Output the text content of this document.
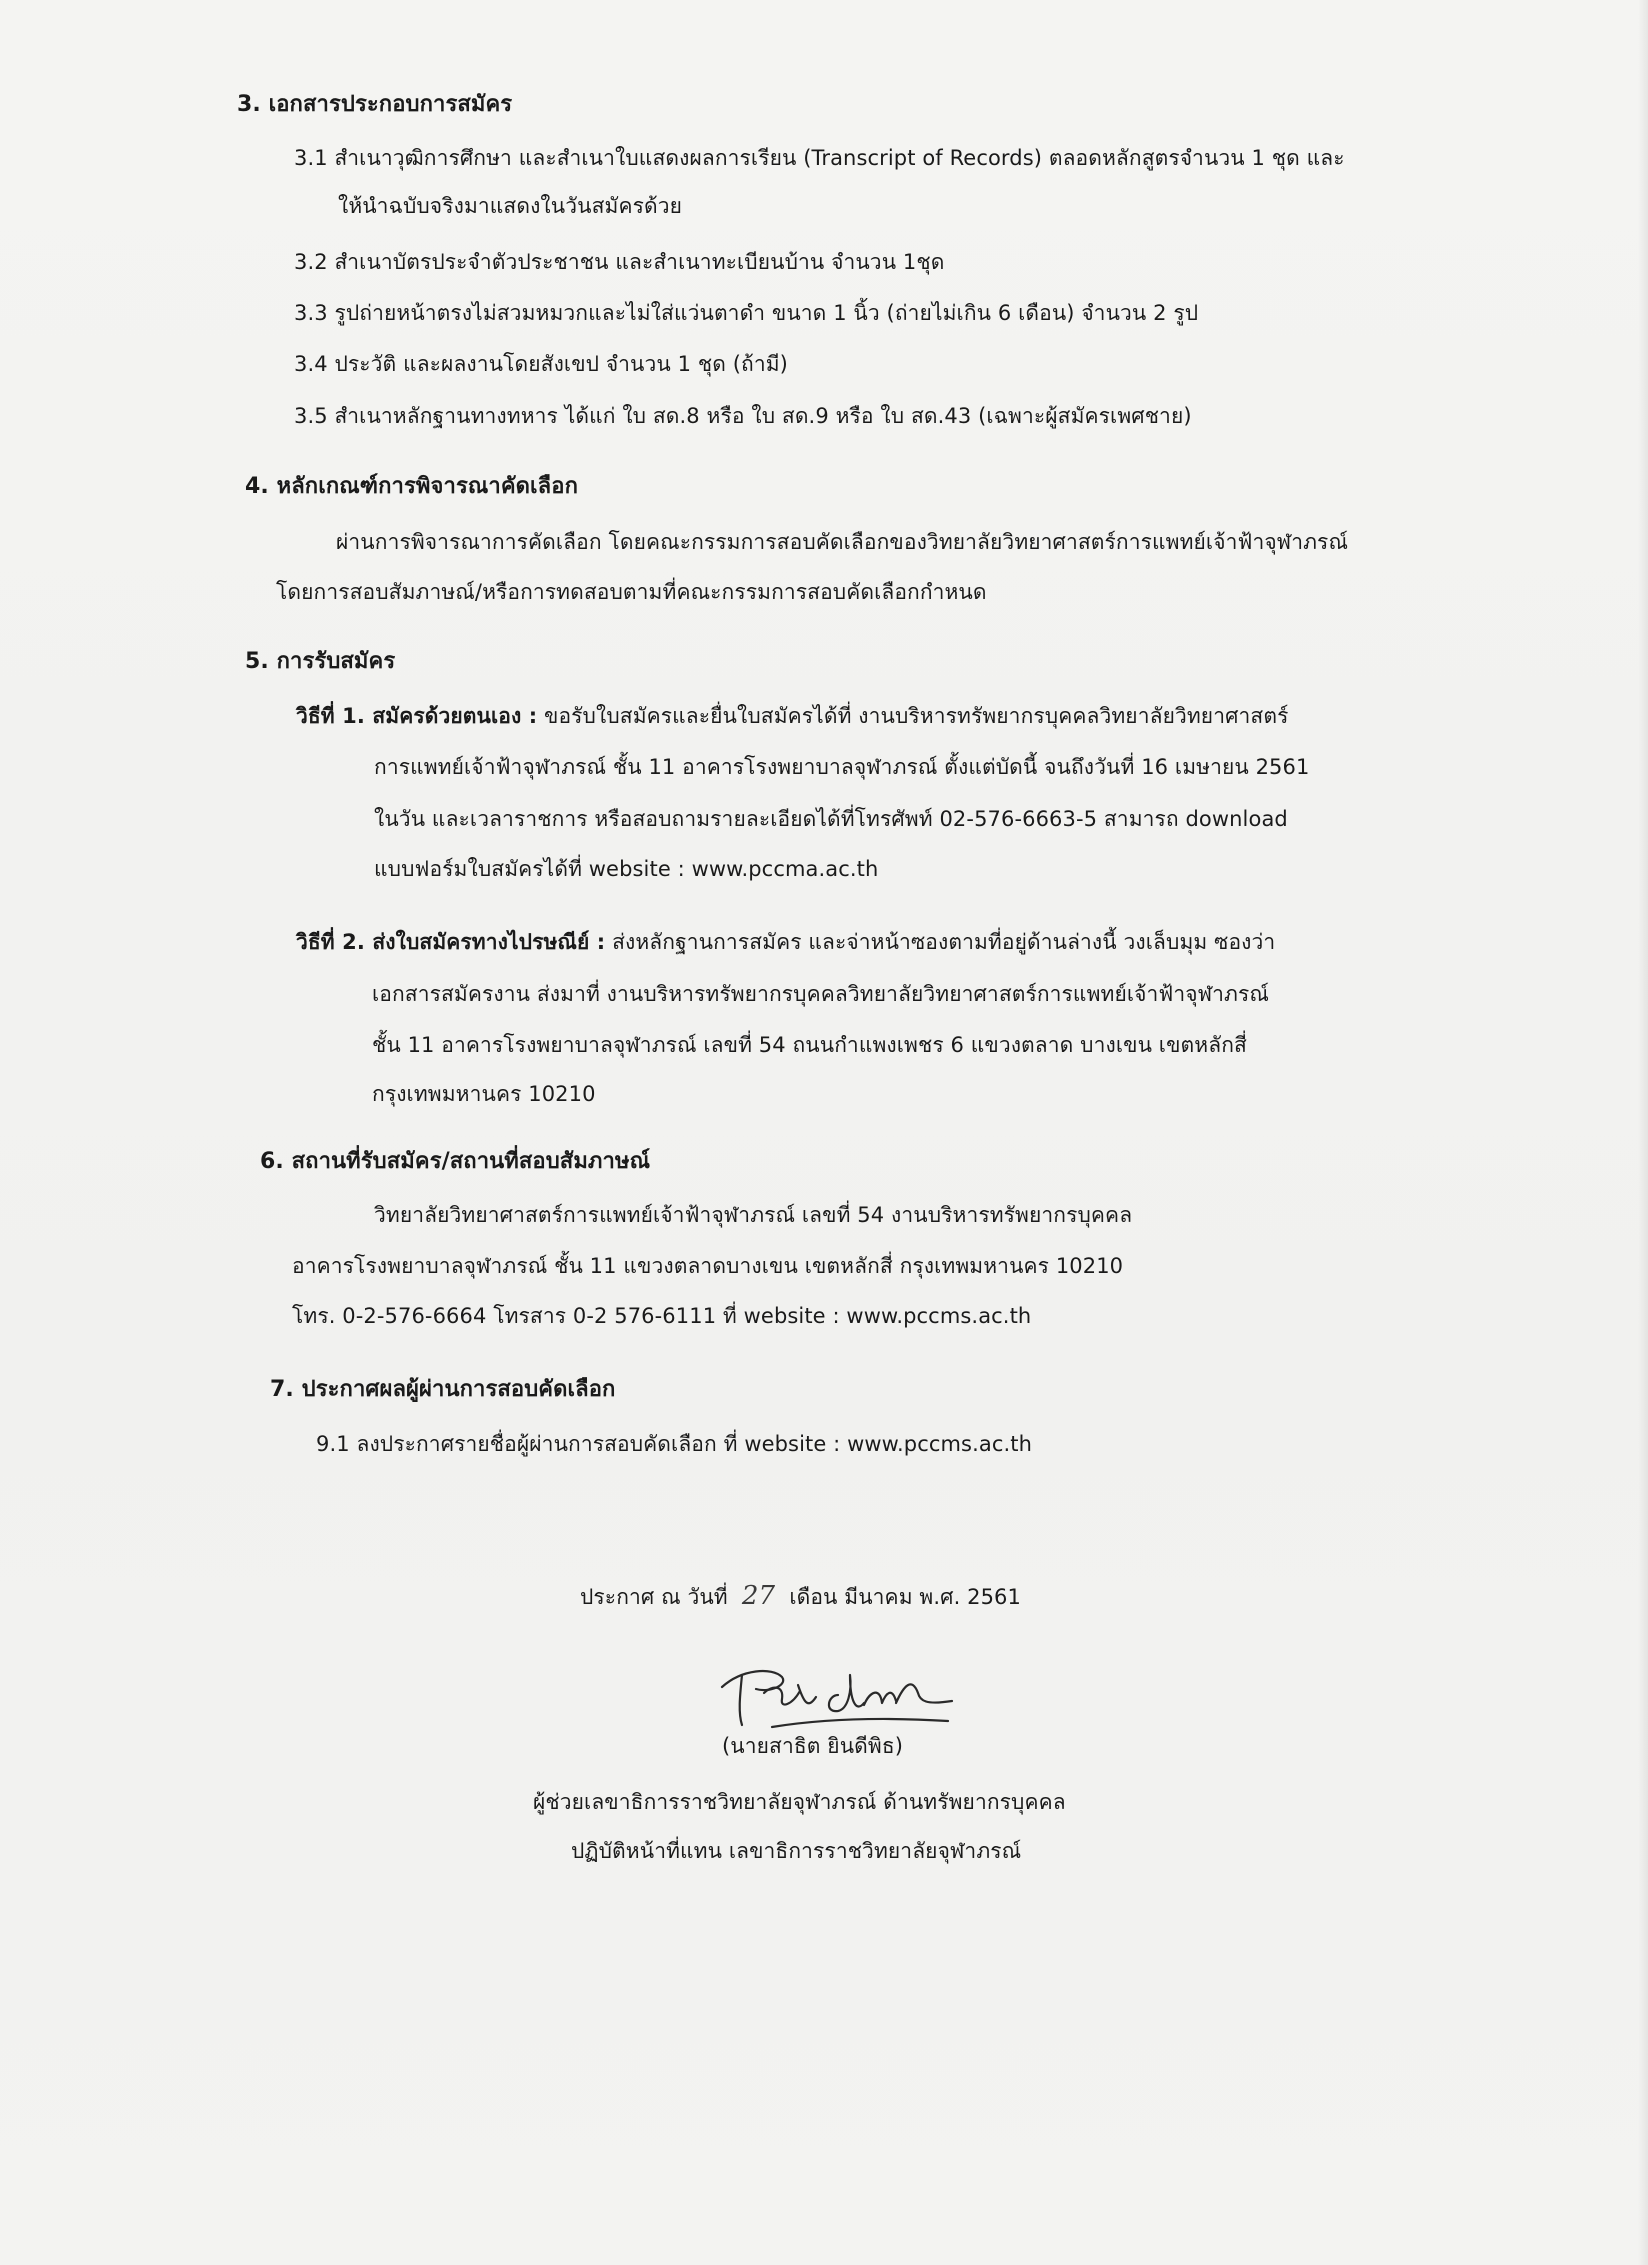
3. เอกสารประกอบการสมัคร
3.1 สำเนาวุฒิการศึกษา และสำเนาใบแสดงผลการเรียน (Transcript of Records) ตลอดหลักสูตรจำนวน 1 ชุด และ
ให้นำฉบับจริงมาแสดงในวันสมัครด้วย
3.2 สำเนาบัตรประจำตัวประชาชน และสำเนาทะเบียนบ้าน จำนวน 1ชุด
3.3 รูปถ่ายหน้าตรงไม่สวมหมวกและไม่ใส่แว่นตาดำ ขนาด 1 นิ้ว (ถ่ายไม่เกิน 6 เดือน) จำนวน 2 รูป
3.4 ประวัติ และผลงานโดยสังเขป จำนวน 1 ชุด (ถ้ามี)
3.5 สำเนาหลักฐานทางทหาร ได้แก่ ใบ สด.8 หรือ ใบ สด.9 หรือ ใบ สด.43 (เฉพาะผู้สมัครเพศชาย)
4. หลักเกณฑ์การพิจารณาคัดเลือก
ผ่านการพิจารณาการคัดเลือก โดยคณะกรรมการสอบคัดเลือกของวิทยาลัยวิทยาศาสตร์การแพทย์เจ้าฟ้าจุฬาภรณ์
โดยการสอบสัมภาษณ์/หรือการทดสอบตามที่คณะกรรมการสอบคัดเลือกกำหนด
5. การรับสมัคร
วิธีที่ 1. สมัครด้วยตนเอง : ขอรับใบสมัครและยื่นใบสมัครได้ที่ งานบริหารทรัพยากรบุคคลวิทยาลัยวิทยาศาสตร์
การแพทย์เจ้าฟ้าจุฬาภรณ์ ชั้น 11 อาคารโรงพยาบาลจุฬาภรณ์ ตั้งแต่บัดนี้ จนถึงวันที่ 16 เมษายน 2561
ในวัน และเวลาราชการ หรือสอบถามรายละเอียดได้ที่โทรศัพท์ 02-576-6663-5 สามารถ download
แบบฟอร์มใบสมัครได้ที่ website : www.pccma.ac.th
วิธีที่ 2. ส่งใบสมัครทางไปรษณีย์ : ส่งหลักฐานการสมัคร และจ่าหน้าซองตามที่อยู่ด้านล่างนี้ วงเล็บมุม ซองว่า
เอกสารสมัครงาน ส่งมาที่ งานบริหารทรัพยากรบุคคลวิทยาลัยวิทยาศาสตร์การแพทย์เจ้าฟ้าจุฬาภรณ์
ชั้น 11 อาคารโรงพยาบาลจุฬาภรณ์ เลขที่ 54 ถนนกำแพงเพชร 6 แขวงตลาด บางเขน เขตหลักสี่
กรุงเทพมหานคร 10210
6. สถานที่รับสมัคร/สถานที่สอบสัมภาษณ์
วิทยาลัยวิทยาศาสตร์การแพทย์เจ้าฟ้าจุฬาภรณ์ เลขที่ 54 งานบริหารทรัพยากรบุคคล
อาคารโรงพยาบาลจุฬาภรณ์ ชั้น 11 แขวงตลาดบางเขน เขตหลักสี่ กรุงเทพมหานคร 10210
โทร. 0-2-576-6664 โทรสาร 0-2 576-6111 ที่ website : www.pccms.ac.th
7. ประกาศผลผู้ผ่านการสอบคัดเลือก
9.1 ลงประกาศรายชื่อผู้ผ่านการสอบคัดเลือก ที่ website : www.pccms.ac.th
ประกาศ ณ วันที่ 27 เดือน มีนาคม พ.ศ. 2561
(นายสาธิต ยินดีพิธ)
ผู้ช่วยเลขาธิการราชวิทยาลัยจุฬาภรณ์ ด้านทรัพยากรบุคคล
ปฏิบัติหน้าที่แทน เลขาธิการราชวิทยาลัยจุฬาภรณ์
